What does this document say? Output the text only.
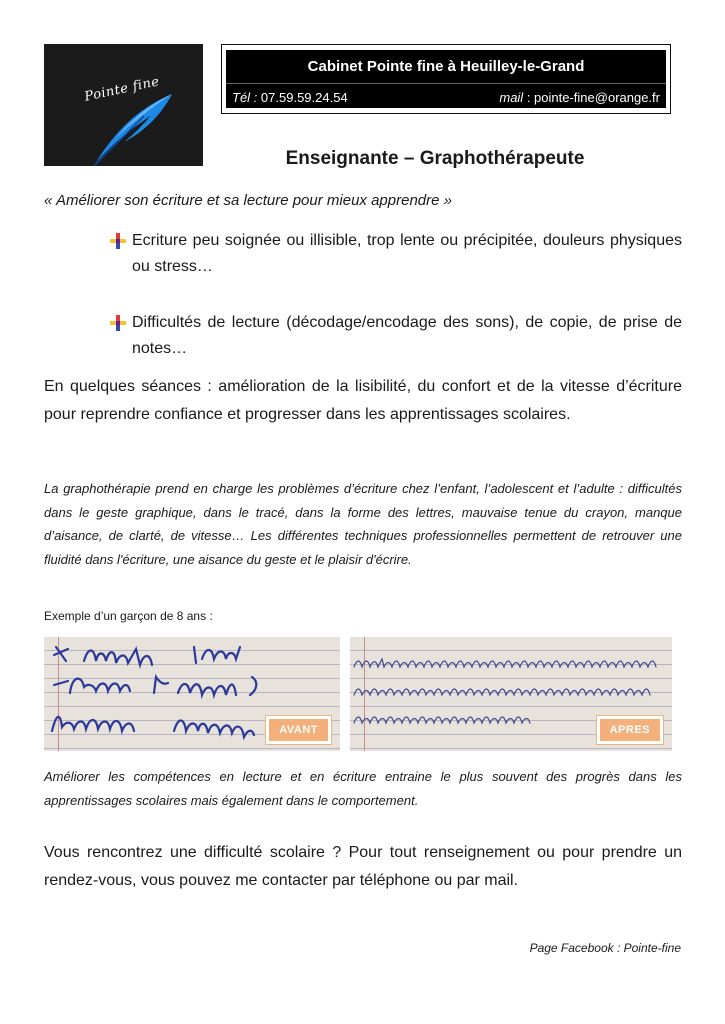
Pointe fine
Cabinet Pointe fine à Heuilley-le-Grand
Tél : 07.59.59.24.54	mail : pointe-fine@orange.fr
Enseignante – Graphothérapeute
« Améliorer son écriture et sa lecture pour mieux apprendre »
Ecriture peu soignée ou illisible, trop lente ou précipitée, douleurs physiques ou stress…
Difficultés de lecture (décodage/encodage des sons), de copie, de prise de notes…

En quelques séances : amélioration de la lisibilité, du confort et de la vitesse d’écriture pour reprendre confiance et progresser dans les apprentissages scolaires.

La graphothérapie prend en charge les problèmes d’écriture chez l’enfant, l’adolescent et l’adulte : difficultés dans le geste graphique, dans le tracé, dans la forme des lettres, mauvaise tenue du crayon, manque d’aisance, de clarté, de vitesse… Les différentes techniques professionnelles permettent de retrouver une fluidité dans l'écriture, une aisance du geste et le plaisir d'écrire.

Exemple d’un garçon de 8 ans :
AVANT	APRES

Améliorer les compétences en lecture et en écriture entraine le plus souvent des progrès dans les apprentissages scolaires mais également dans le comportement.

Vous rencontrez une difficulté scolaire ? Pour tout renseignement ou pour prendre un rendez-vous, vous pouvez me contacter par téléphone ou par mail.

Page Facebook : Pointe-fine
